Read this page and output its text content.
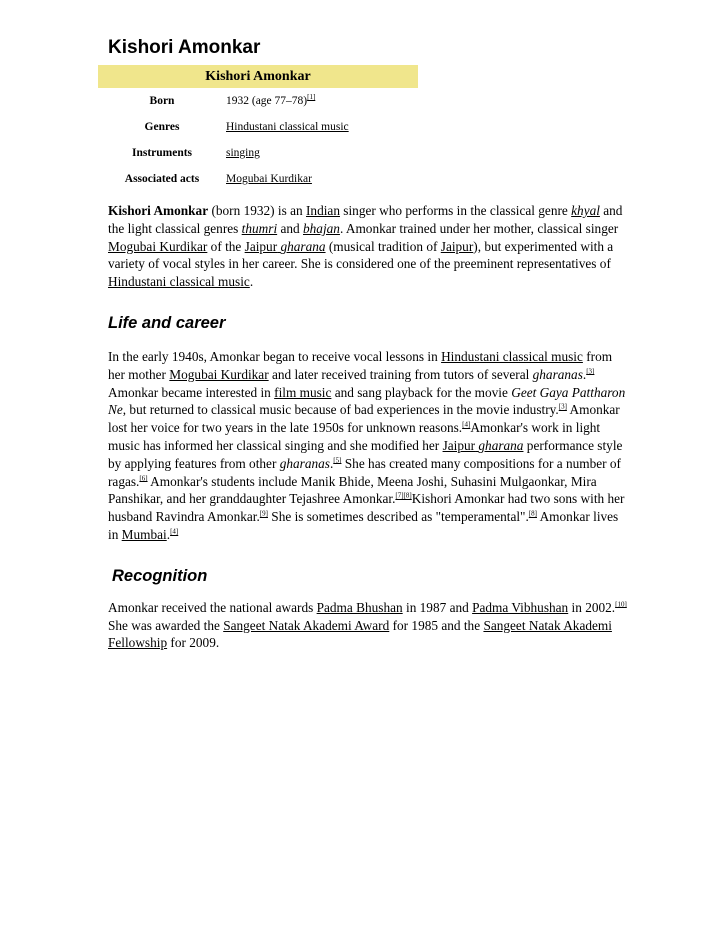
Kishori Amonkar
Kishori Amonkar	
Born	1932 (age 77–78)[1]
Genres	Hindustani classical music
Instruments	singing
Associated acts	Mogubai Kurdikar

Kishori Amonkar (born 1932) is an Indian singer who performs in the classical genre khyal and the light classical genres thumri and bhajan. Amonkar trained under her mother, classical singer Mogubai Kurdikar of the Jaipur gharana (musical tradition of Jaipur), but experimented with a variety of vocal styles in her career. She is considered one of the preeminent representatives of Hindustani classical music.

Life and career

In the early 1940s, Amonkar began to receive vocal lessons in Hindustani classical music from her mother Mogubai Kurdikar and later received training from tutors of several gharanas.[3] Amonkar became interested in film music and sang playback for the movie Geet Gaya Pattharon Ne, but returned to classical music because of bad experiences in the movie industry.[3] Amonkar lost her voice for two years in the late 1950s for unknown reasons.[4]Amonkar's work in light music has informed her classical singing and she modified her Jaipur gharana performance style by applying features from other gharanas.[5] She has created many compositions for a number of ragas.[6] Amonkar's students include Manik Bhide, Meena Joshi, Suhasini Mulgaonkar, Mira Panshikar, and her granddaughter Tejashree Amonkar.[7][8]Kishori Amonkar had two sons with her husband Ravindra Amonkar.[9] She is sometimes described as "temperamental".[8] Amonkar lives in Mumbai.[4]

Recognition

Amonkar received the national awards Padma Bhushan in 1987 and Padma Vibhushan in 2002.[10] She was awarded the Sangeet Natak Akademi Award for 1985 and the Sangeet Natak Akademi Fellowship for 2009.
